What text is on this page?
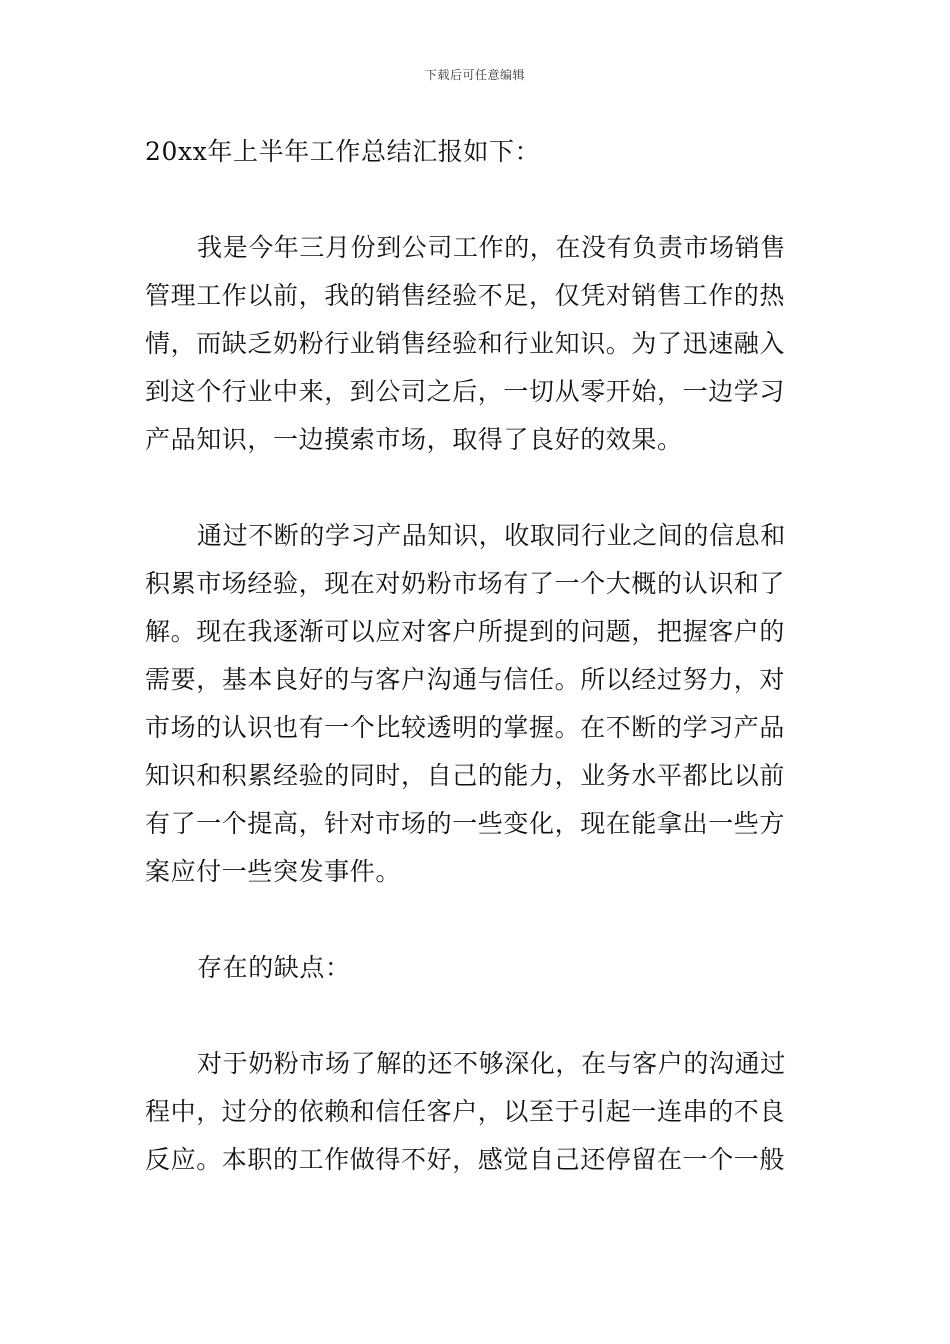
下载后可任意编辑
20xx年上半年工作总结汇报如下：
我是今年三月份到公司工作的，在没有负责市场销售
管理工作以前，我的销售经验不足，仅凭对销售工作的热
情，而缺乏奶粉行业销售经验和行业知识。为了迅速融入
到这个行业中来，到公司之后，一切从零开始，一边学习
产品知识，一边摸索市场，取得了良好的效果。
通过不断的学习产品知识，收取同行业之间的信息和
积累市场经验，现在对奶粉市场有了一个大概的认识和了
解。现在我逐渐可以应对客户所提到的问题，把握客户的
需要，基本良好的与客户沟通与信任。所以经过努力，对
市场的认识也有一个比较透明的掌握。在不断的学习产品
知识和积累经验的同时，自己的能力，业务水平都比以前
有了一个提高，针对市场的一些变化，现在能拿出一些方
案应付一些突发事件。
存在的缺点：
对于奶粉市场了解的还不够深化，在与客户的沟通过
程中，过分的依赖和信任客户，以至于引起一连串的不良
反应。本职的工作做得不好，感觉自己还停留在一个一般
